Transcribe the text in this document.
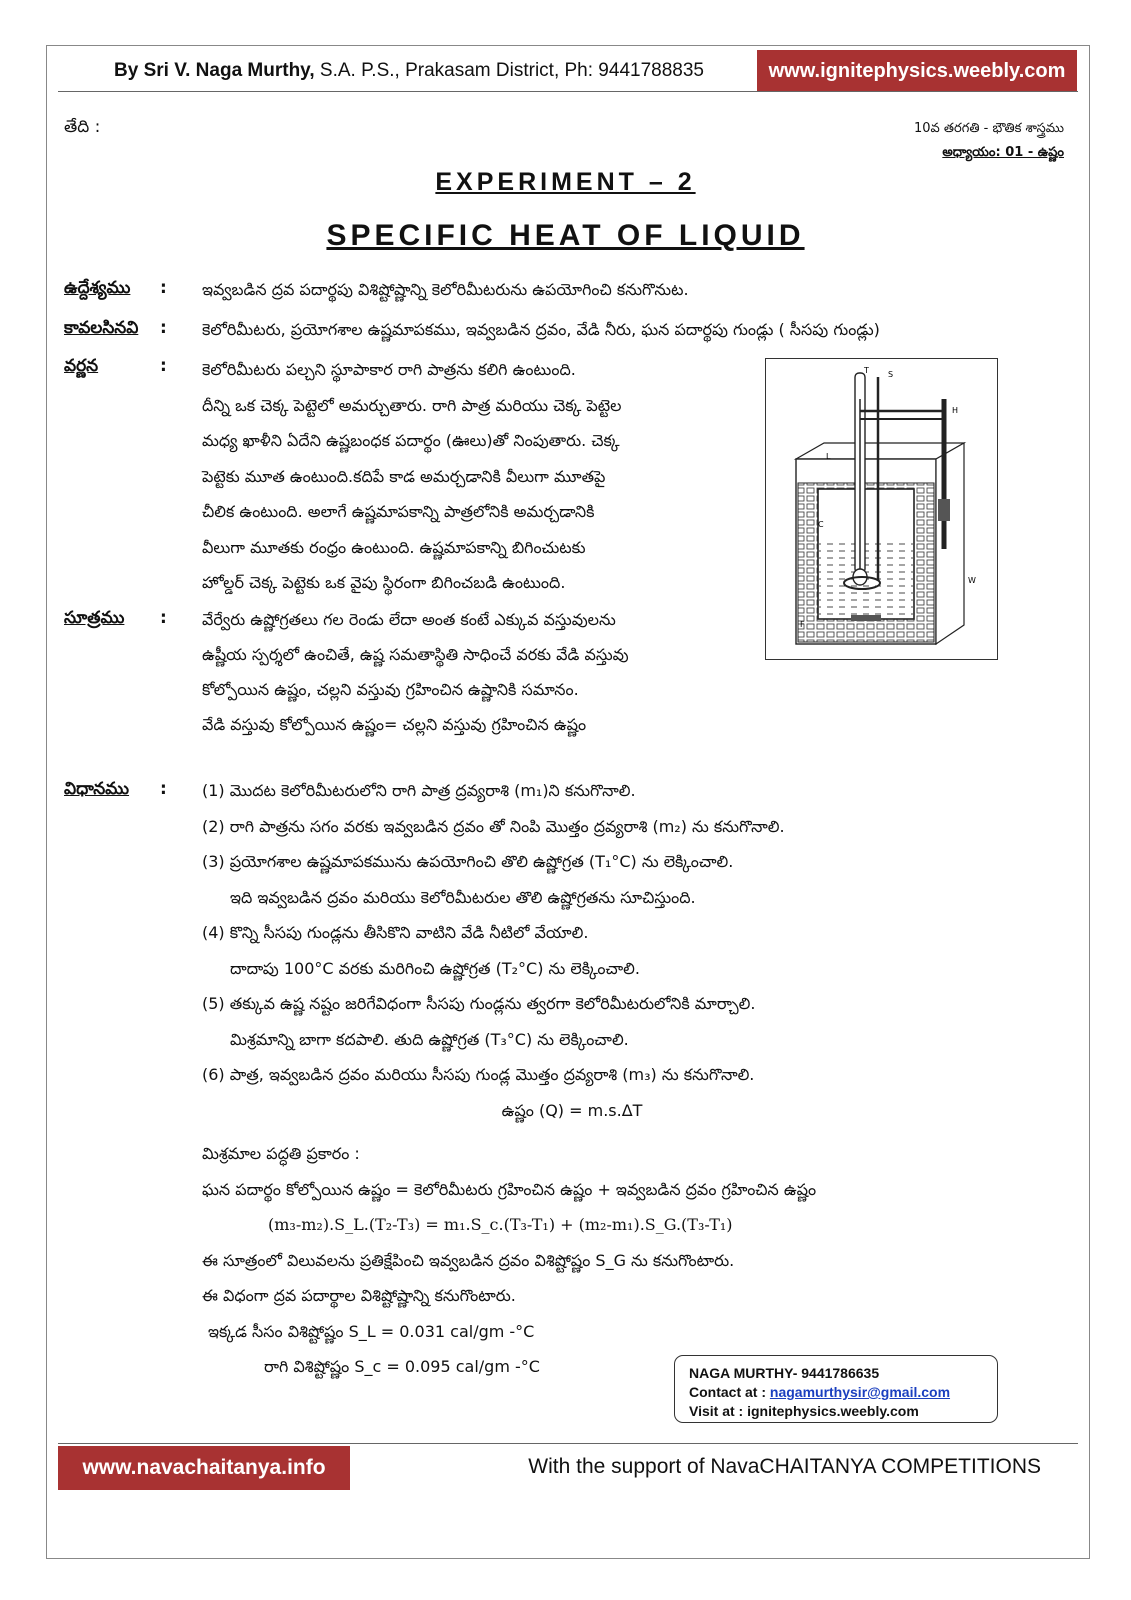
By Sri V. Naga Murthy, S.A. P.S., Prakasam District, Ph: 9441788835	www.ignitephysics.weebly.com
తేది :	10వ తరగతి - భౌతిక శాస్త్రము
అధ్యాయం: 01 - ఉష్ణం
EXPERIMENT – 2
SPECIFIC HEAT OF LIQUID
ఉద్దేశ్యము : ఇవ్వబడిన ద్రవ పదార్థపు విశిష్టోష్ణాన్ని కెలోరిమీటరును ఉపయోగించి కనుగొనుట.
కావలసినవి : కెలోరిమీటరు, ప్రయోగశాల ఉష్ణమాపకము, ఇవ్వబడిన ద్రవం, వేడి నీరు, ఘన పదార్థపు గుండ్లు ( సీసపు గుండ్లు)
వర్ణన	: కెలోరిమీటరు పల్చని స్థూపాకార రాగి పాత్రను కలిగి ఉంటుంది.
దీన్ని ఒక చెక్క పెట్టెలో అమర్చుతారు. రాగి పాత్ర మరియు చెక్క పెట్టెల
మధ్య ఖాళీని ఏదేని ఉష్ణబంధక పదార్థం (ఊలు)తో నింపుతారు. చెక్క
పెట్టెకు మూత ఉంటుంది.కదిపే కాడ అమర్చడానికి వీలుగా మూతపై
చీలిక ఉంటుంది. అలాగే ఉష్ణమాపకాన్ని పాత్రలోనికి అమర్చడానికి
వీలుగా మూతకు రంధ్రం ఉంటుంది. ఉష్ణమాపకాన్ని బిగించుటకు
హోల్డర్ చెక్క పెట్టెకు ఒక వైపు స్థిరంగా బిగించబడి ఉంటుంది.
T S
H
L
C
W
F
సూత్రము : వేర్వేరు ఉష్ణోగ్రతలు గల రెండు లేదా అంత కంటే ఎక్కువ వస్తువులను
ఉష్ణీయ స్పర్శలో ఉంచితే, ఉష్ణ సమతాస్థితి సాధించే వరకు వేడి వస్తువు
కోల్పోయిన ఉష్ణం, చల్లని వస్తువు గ్రహించిన ఉష్ణానికి సమానం.
వేడి వస్తువు కోల్పోయిన ఉష్ణం= చల్లని వస్తువు గ్రహించిన ఉష్ణం
విధానము : (1) మొదట కెలోరిమీటరులోని రాగి పాత్ర ద్రవ్యరాశి (m₁)ని కనుగొనాలి.
(2) రాగి పాత్రను సగం వరకు ఇవ్వబడిన ద్రవం తో నింపి మొత్తం ద్రవ్యరాశి (m₂) ను కనుగొనాలి.
(3) ప్రయోగశాల ఉష్ణమాపకమును ఉపయోగించి తొలి ఉష్ణోగ్రత (T₁°C) ను లెక్కించాలి.
ఇది ఇవ్వబడిన ద్రవం మరియు కెలోరిమీటరుల తొలి ఉష్ణోగ్రతను సూచిస్తుంది.
(4) కొన్ని సీసపు గుండ్లను తీసికొని వాటిని వేడి నీటిలో వేయాలి.
దాదాపు 100°C వరకు మరిగించి ఉష్ణోగ్రత (T₂°C) ను లెక్కించాలి.
(5) తక్కువ ఉష్ణ నష్టం జరిగేవిధంగా సీసపు గుండ్లను త్వరగా కెలోరిమీటరులోనికి మార్చాలి.
మిశ్రమాన్ని బాగా కదపాలి. తుది ఉష్ణోగ్రత (T₃°C) ను లెక్కించాలి.
(6) పాత్ర, ఇవ్వబడిన ద్రవం మరియు సీసపు గుండ్ల మొత్తం ద్రవ్యరాశి (m₃) ను కనుగొనాలి.
ఉష్ణం (Q) = m.s.ΔT
మిశ్రమాల పద్ధతి ప్రకారం :
ఘన పదార్థం కోల్పోయిన ఉష్ణం = కెలోరిమీటరు గ్రహించిన ఉష్ణం + ఇవ్వబడిన ద్రవం గ్రహించిన ఉష్ణం
(m₃-m₂).S_L.(T₂-T₃) = m₁.S_c.(T₃-T₁) + (m₂-m₁).S_G.(T₃-T₁)
ఈ సూత్రంలో విలువలను ప్రతిక్షేపించి ఇవ్వబడిన ద్రవం విశిష్టోష్ణం S_G ను కనుగొంటారు.
ఈ విధంగా ద్రవ పదార్థాల విశిష్టోష్ణాన్ని కనుగొంటారు.
ఇక్కడ సీసం విశిష్టోష్ణం S_L = 0.031 cal/gm -°C
రాగి విశిష్టోష్ణం S_c = 0.095 cal/gm -°C	NAGA MURTHY- 9441786635
Contact at : nagamurthysir@gmail.com
Visit at : ignitephysics.weebly.com
www.navachaitanya.info	With the support of NavaCHAITANYA COMPETITIONS
